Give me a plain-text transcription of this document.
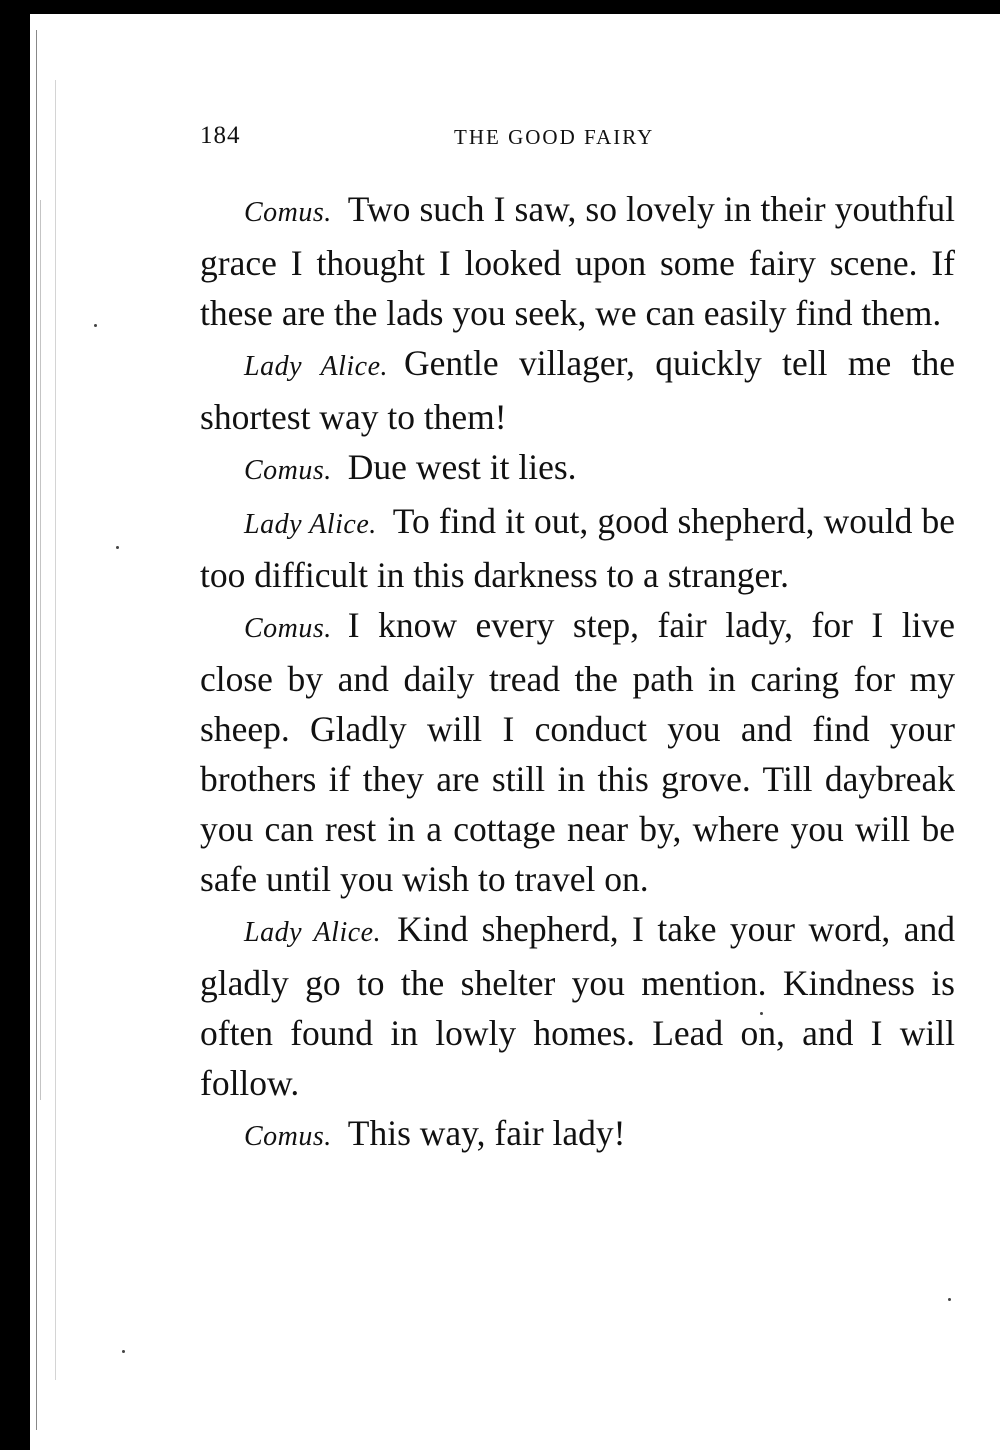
184	THE GOOD FAIRY

Comus. Two such I saw, so lovely in their youthful grace I thought I looked upon some fairy scene. If these are the lads you seek, we can easily find them.

Lady Alice. Gentle villager, quickly tell me the shortest way to them!

Comus. Due west it lies.

Lady Alice. To find it out, good shepherd, would be too difficult in this darkness to a stranger.

Comus. I know every step, fair lady, for I live close by and daily tread the path in caring for my sheep. Gladly will I conduct you and find your brothers if they are still in this grove. Till daybreak you can rest in a cottage near by, where you will be safe until you wish to travel on.

Lady Alice. Kind shepherd, I take your word, and gladly go to the shelter you mention. Kindness is often found in lowly homes. Lead on, and I will follow.

Comus. This way, fair lady!
